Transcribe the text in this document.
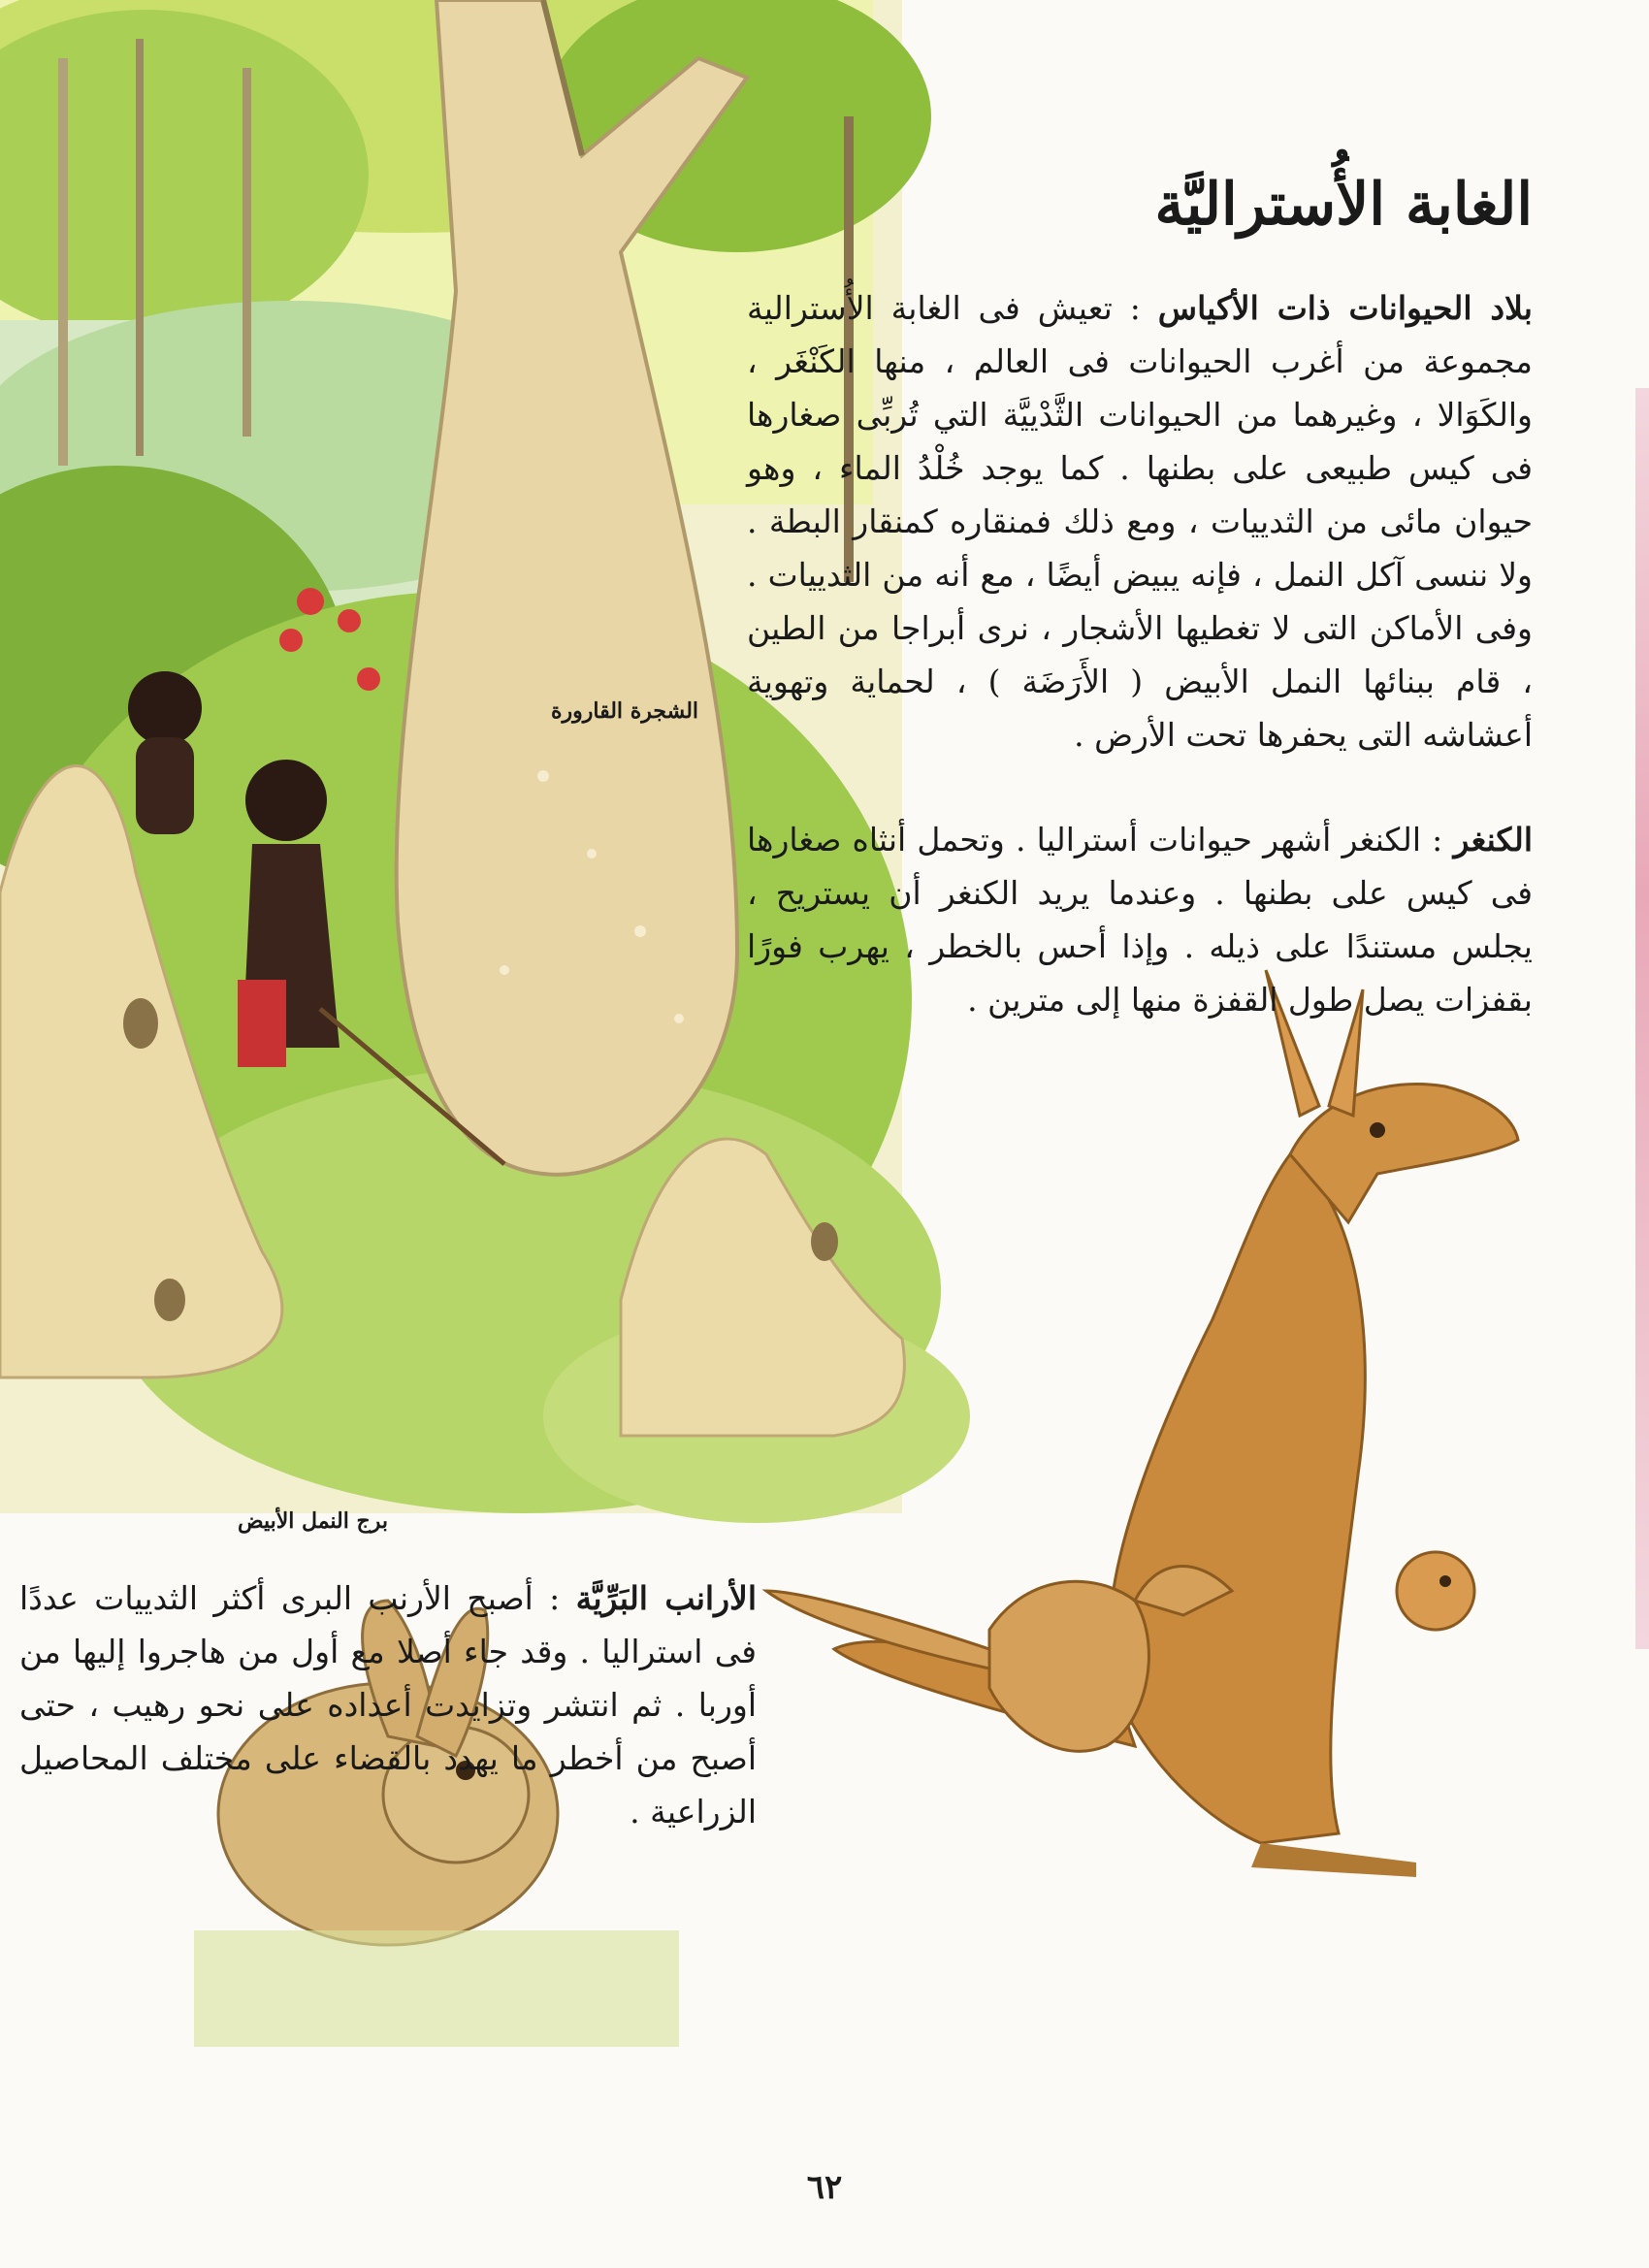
الغابة الأُستراليَّة

بلاد الحيوانات ذات الأكياس : تعيش فى الغابة الأُسترالية مجموعة من أغرب الحيوانات فى العالم ، منها الكَنْغَر ، والكَوَالا ، وغيرهما من الحيوانات الثَّدْييَّة التي تُربِّى صغارها فى كيس طبيعى على بطنها . كما يوجد خُلْدُ الماء ، وهو حيوان مائى من الثدييات ، ومع ذلك فمنقاره كمنقار البطة . ولا ننسى آكل النمل ، فإنه يبيض أيضًا ، مع أنه من الثدييات . وفى الأماكن التى لا تغطيها الأشجار ، نرى أبراجا من الطين ، قام ببنائها النمل الأبيض ( الأَرَضَة ) ، لحماية وتهوية أعشاشه التى يحفرها تحت الأرض .

الكنغر : الكنغر أشهر حيوانات أستراليا . وتحمل أنثاه صغارها فى كيس على بطنها . وعندما يريد الكنغر أن يستريح ، يجلس مستندًا على ذيله . وإذا أحس بالخطر ، يهرب فورًا بقفزات يصل طول القفزة منها إلى مترين .

الأرانب البَرِّيَّة : أصبح الأرنب البرى أكثر الثدييات عددًا فى استراليا . وقد جاء أصلا مع أول من هاجروا إليها من أوربا . ثم انتشر وتزايدت أعداده على نحو رهيب ، حتى أصبح من أخطر ما يهدد بالقضاء على مختلف المحاصيل الزراعية .

الشجرة القارورة
برج النمل الأبيض
٦٢
